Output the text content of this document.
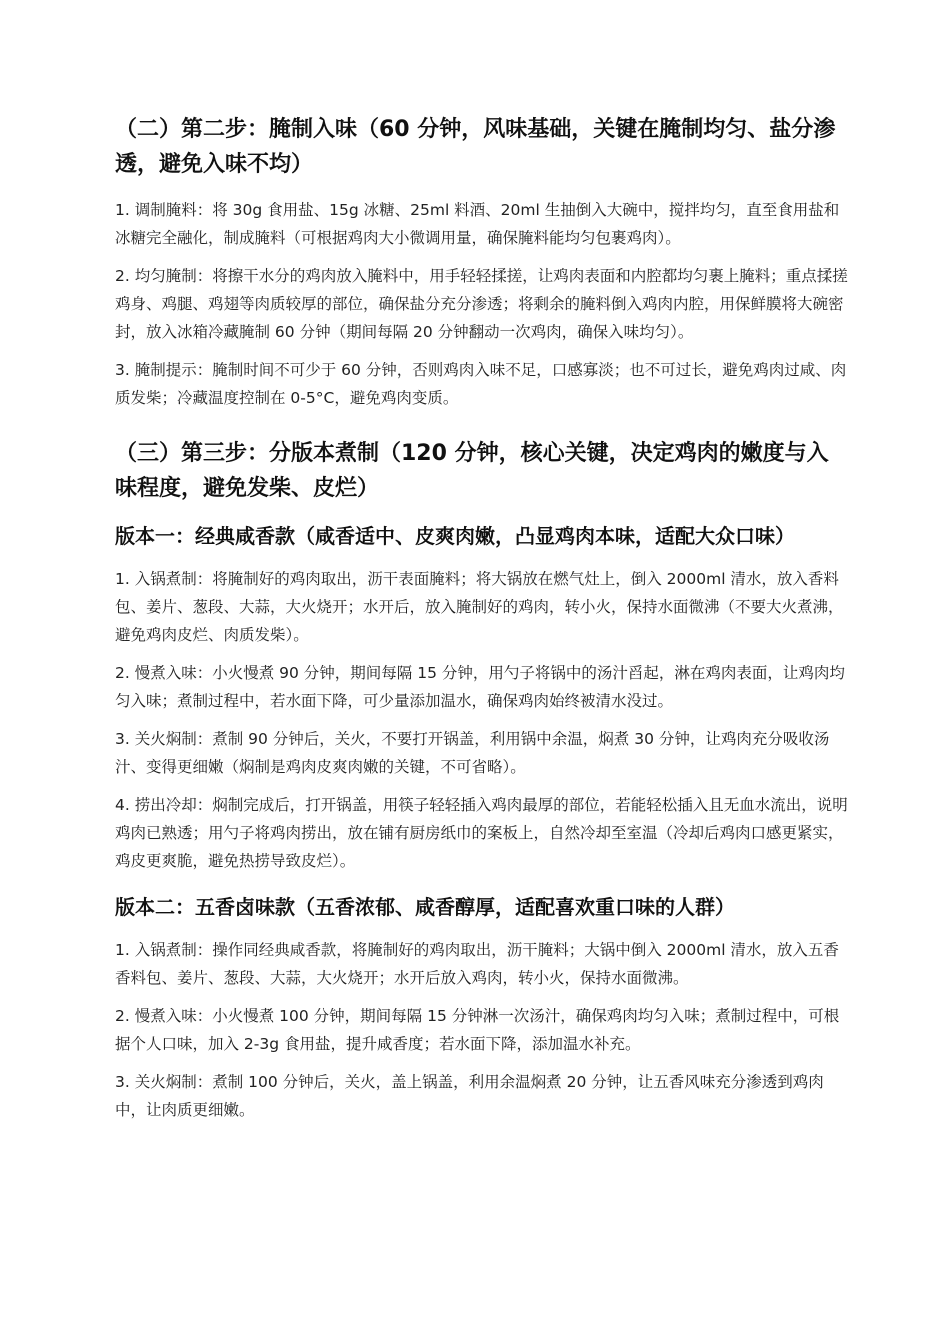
（二）第二步：腌制入味（60 分钟，风味基础，关键在腌制均匀、盐分渗透，避免入味不均）
1. 调制腌料：将 30g 食用盐、15g 冰糖、25ml 料酒、20ml 生抽倒入大碗中，搅拌均匀，直至食用盐和冰糖完全融化，制成腌料（可根据鸡肉大小微调用量，确保腌料能均匀包裹鸡肉）。
2. 均匀腌制：将擦干水分的鸡肉放入腌料中，用手轻轻揉搓，让鸡肉表面和内腔都均匀裹上腌料；重点揉搓鸡身、鸡腿、鸡翅等肉质较厚的部位，确保盐分充分渗透；将剩余的腌料倒入鸡肉内腔，用保鲜膜将大碗密封，放入冰箱冷藏腌制 60 分钟（期间每隔 20 分钟翻动一次鸡肉，确保入味均匀）。
3. 腌制提示：腌制时间不可少于 60 分钟，否则鸡肉入味不足，口感寡淡；也不可过长，避免鸡肉过咸、肉质发柴；冷藏温度控制在 0-5°C，避免鸡肉变质。
（三）第三步：分版本煮制（120 分钟，核心关键，决定鸡肉的嫩度与入味程度，避免发柴、皮烂）
版本一：经典咸香款（咸香适中、皮爽肉嫩，凸显鸡肉本味，适配大众口味）
1. 入锅煮制：将腌制好的鸡肉取出，沥干表面腌料；将大锅放在燃气灶上，倒入 2000ml 清水，放入香料包、姜片、葱段、大蒜，大火烧开；水开后，放入腌制好的鸡肉，转小火，保持水面微沸（不要大火煮沸，避免鸡肉皮烂、肉质发柴）。
2. 慢煮入味：小火慢煮 90 分钟，期间每隔 15 分钟，用勺子将锅中的汤汁舀起，淋在鸡肉表面，让鸡肉均匀入味；煮制过程中，若水面下降，可少量添加温水，确保鸡肉始终被清水没过。
3. 关火焖制：煮制 90 分钟后，关火，不要打开锅盖，利用锅中余温，焖煮 30 分钟，让鸡肉充分吸收汤汁、变得更细嫩（焖制是鸡肉皮爽肉嫩的关键，不可省略）。
4. 捞出冷却：焖制完成后，打开锅盖，用筷子轻轻插入鸡肉最厚的部位，若能轻松插入且无血水流出，说明鸡肉已熟透；用勺子将鸡肉捞出，放在铺有厨房纸巾的案板上，自然冷却至室温（冷却后鸡肉口感更紧实，鸡皮更爽脆，避免热捞导致皮烂）。
版本二：五香卤味款（五香浓郁、咸香醇厚，适配喜欢重口味的人群）
1. 入锅煮制：操作同经典咸香款，将腌制好的鸡肉取出，沥干腌料；大锅中倒入 2000ml 清水，放入五香香料包、姜片、葱段、大蒜，大火烧开；水开后放入鸡肉，转小火，保持水面微沸。
2. 慢煮入味：小火慢煮 100 分钟，期间每隔 15 分钟淋一次汤汁，确保鸡肉均匀入味；煮制过程中，可根据个人口味，加入 2-3g 食用盐，提升咸香度；若水面下降，添加温水补充。
3. 关火焖制：煮制 100 分钟后，关火，盖上锅盖，利用余温焖煮 20 分钟，让五香风味充分渗透到鸡肉中，让肉质更细嫩。
